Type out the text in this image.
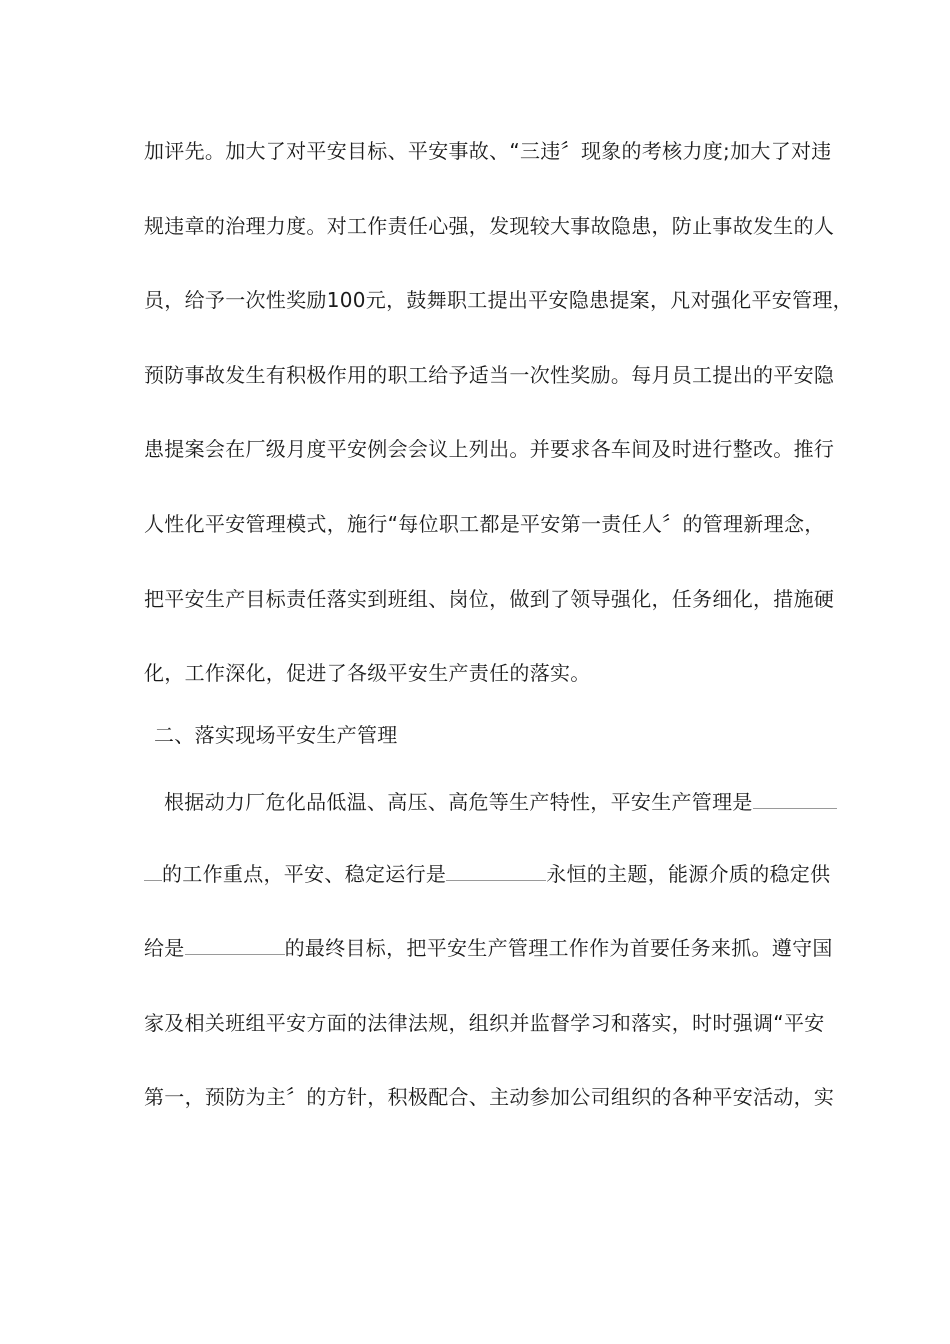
加评先。加大了对平安目标、平安事故、“三违〞现象的考核力度;加大了对违
规违章的治理力度。对工作责任心强，发现较大事故隐患，防止事故发生的人
员，给予一次性奖励100元，鼓舞职工提出平安隐患提案，凡对强化平安管理，
预防事故发生有积极作用的职工给予适当一次性奖励。每月员工提出的平安隐
患提案会在厂级月度平安例会会议上列出。并要求各车间及时进行整改。推行
人性化平安管理模式，施行“每位职工都是平安第一责任人〞的管理新理念，
把平安生产目标责任落实到班组、岗位，做到了领导强化，任务细化，措施硬
化，工作深化，促进了各级平安生产责任的落实。
二、落实现场平安生产管理
根据动力厂危化品低温、高压、高危等生产特性，平安生产管理是
的工作重点，平安、稳定运行是	永恒的主题，能源介质的稳定供
给是	的最终目标，把平安生产管理工作作为首要任务来抓。遵守国
家及相关班组平安方面的法律法规，组织并监督学习和落实，时时强调“平安
第一，预防为主〞的方针，积极配合、主动参加公司组织的各种平安活动，实
